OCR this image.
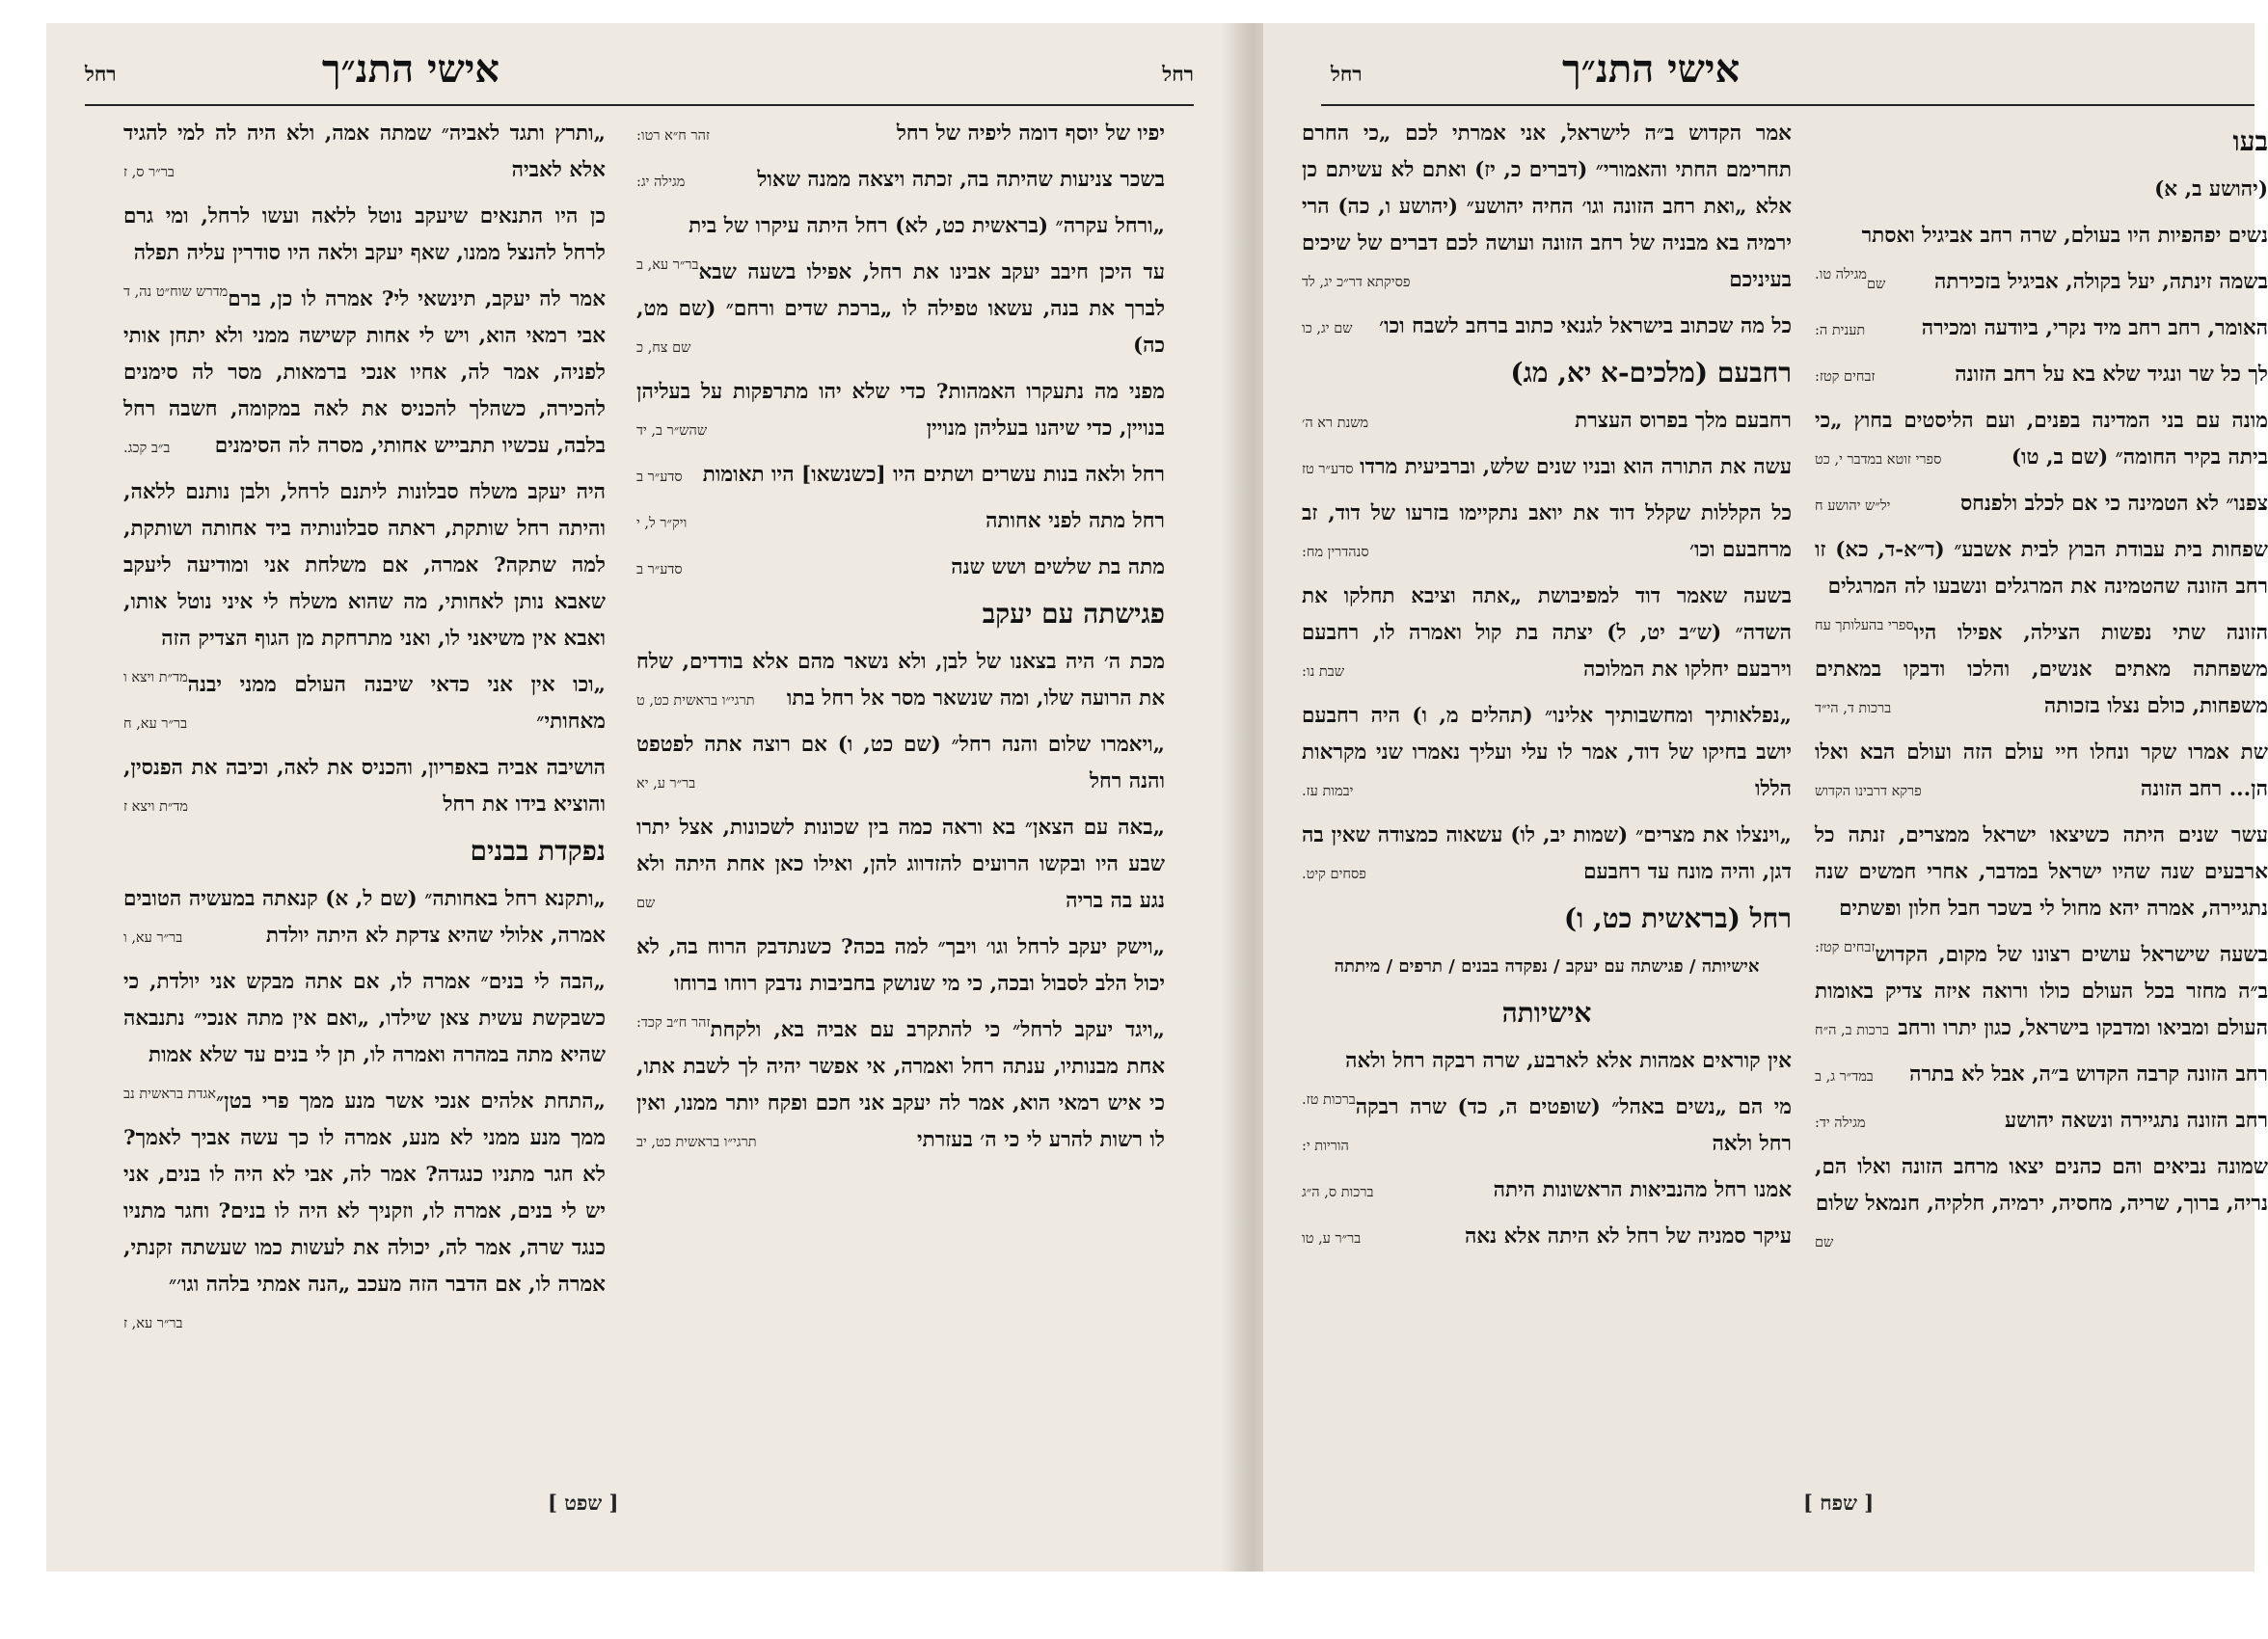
רחל
אישי התנ״ך
רחל

יפיו של יוסף דומה ליפיה של רחל
זהר ח״א רטו:

בשכר צניעות שהיתה בה, זכתה ויצאה ממנה שאול
מגילה יג:

„ורחל עקרה״ (בראשית כט, לא) רחל היתה עיקרו של בית
בר״ר עא, ב עד היכן חיבב יעקב אבינו את רחל, אפילו בשעה שבא לברך את בנה, עשאו טפילה לו „ברכת שדים ורחם״ (שם מט, כה)
שם צח, כ

מפני מה נתעקרו האמהות? כדי שלא יהו מתרפקות על בעליהן בנויין, כדי שיהנו בעליהן מנויין
שהש״ר ב, יד

רחל ולאה בנות עשרים ושתים היו [כשנשאו] היו תאומות
סדע״ר ב

רחל מתה לפני אחותה
ויק״ר ל, י

מתה בת שלשים ושש שנה
סדע״ר ב

פגישתה עם יעקב

מכת ה׳ היה בצאנו של לבן, ולא נשאר מהם אלא בודדים, שלח את הרועה שלו, ומה שנשאר מסר אל רחל בתו
תרגי״ו בראשית כט, ט

„ויאמרו שלום והנה רחל״ (שם כט, ו) אם רוצה אתה לפטפט והנה רחל
בר״ר ע, יא

„באה עם הצאן״ בא וראה כמה בין שכונות לשכונות, אצל יתרו שבע היו ובקשו הרועים להזדווג להן, ואילו כאן אחת היתה ולא נגע בה בריה
שם

„וישק יעקב לרחל וגו׳ ויבך״ למה בכה? כשנתדבק הרוח בה, לא יכול הלב לסבול ובכה, כי מי שנושק בחביבות נדבק רוחו ברוחו
זהר ח״ב קכד: „ויגד יעקב לרחל״ כי להתקרב עם אביה בא, ולקחת אחת מבנותיו, ענתה רחל ואמרה, אי אפשר יהיה לך לשבת אתו, כי איש רמאי הוא, אמר לה יעקב אני חכם ופקח יותר ממנו, ואין לו רשות להרע לי כי ה׳ בעזרתי
תרגי״ו בראשית כט, יב

„ותרץ ותגד לאביה״ שמתה אמה, ולא היה לה למי להגיד אלא לאביה
בר״ר ס, ז

כן היו התנאים שיעקב נוטל ללאה ועשו לרחל, ומי גרם לרחל להנצל ממנו, שאף יעקב ולאה היו סודרין עליה תפלה
מדרש שוח״ט נה, ד אמר לה יעקב, תינשאי לי? אמרה לו כן, ברם אבי רמאי הוא, ויש לי אחות קשישה ממני ולא יתחן אותי לפניה, אמר לה, אחיו אנכי ברמאות, מסר לה סימנים להכירה, כשהלך להכניס את לאה במקומה, חשבה רחל בלבה, עכשיו תתבייש אחותי, מסרה לה הסימנים
ב״ב קכג.

היה יעקב משלח סבלונות ליתנם לרחל, ולבן נותנם ללאה, והיתה רחל שותקת, ראתה סבלונותיה ביד אחותה ושותקת, למה שתקה? אמרה, אם משלחת אני ומודיעה ליעקב שאבא נותן לאחותי, מה שהוא משלח לי איני נוטל אותו, ואבא אין משיאני לו, ואני מתרחקת מן הגוף הצדיק הזה
מד״ת ויצא ו „וכו אין אני כדאי שיבנה העולם ממני יבנה מאחותי״
בר״ר עא, ח

הושיבה אביה באפריון, והכניס את לאה, וכיבה את הפנסין, והוציא בידו את רחל
מד״ת ויצא ז

נפקדת בבנים

„ותקנא רחל באחותה״ (שם ל, א) קנאתה במעשיה הטובים אמרה, אלולי שהיא צדקת לא היתה יולדת
בר״ר עא, ו

„הבה לי בנים״ אמרה לו, אם אתה מבקש אני יולדת, כי כשבקשת עשית צאן שילדו, „ואם אין מתה אנכי״ נתנבאה שהיא מתה במהרה ואמרה לו, תן לי בנים עד שלא אמות
אגדת בראשית נב „התחת אלהים אנכי אשר מנע ממך פרי בטן״ ממך מנע ממני לא מנע, אמרה לו כך עשה אביך לאמך? לא חגר מתניו כנגדה? אמר לה, אבי לא היה לו בנים, אני יש לי בנים, אמרה לו, וזקניך לא היה לו בנים? וחגר מתניו כנגד שרה, אמר לה, יכולה את לעשות כמו שעשתה זקנתי, אמרה לו, אם הדבר הזה מעכב „הנה אמתי בלהה וגו׳״
בר״ר עא, ז

[ שפט ]
אישי התנ״ך
רחל

אמר הקדוש ב״ה לישראל, אני אמרתי לכם „כי החרם תחרימם החתי והאמורי״ (דברים כ, יז) ואתם לא עשיתם כן אלא „ואת רחב הזונה וגו׳ החיה יהושע״ (יהושע ו, כה) הרי ירמיה בא מבניה של רחב הזונה ועושה לכם דברים של שיכים בעיניכם
פסיקתא דר״כ יג, לד

כל מה שכתוב בישראל לגנאי כתוב ברחב לשבח וכו׳
שם יג, כו

רחבעם (מלכים-א יא, מג)

רחבעם מלך בפרוס העצרת
משנת רא ה׳

עשה את התורה הוא ובניו שנים שלש, וברביעית מרדו
סדע״ר טז

כל הקללות שקלל דוד את יואב נתקיימו בזרעו של דוד, זב מרחבעם וכו׳
סנהדרין מח:

בשעה שאמר דוד למפיבושת „אתה וציבא תחלקו את השדה״ (ש״ב יט, ל) יצתה בת קול ואמרה לו, רחבעם וירבעם יחלקו את המלוכה
שבת נו:

„נפלאותיך ומחשבותיך אלינו״ (תהלים מ, ו) היה רחבעם יושב בחיקו של דוד, אמר לו עלי ועליך נאמרו שני מקראות הללו
יבמות עז.

„וינצלו את מצרים״ (שמות יב, לו) עשאוה כמצודה שאין בה דגן, והיה מונח עד רחבעם
פסחים קיט.

רחל (בראשית כט, ו)

אישיותה / פגישתה עם יעקב / נפקדה בבנים / תרפים / מיתתה

אישיותה

אין קוראים אמהות אלא לארבע, שרה רבקה רחל ולאה
ברכות טז. מי הם „נשים באהל״ (שופטים ה, כד) שרה רבקה רחל ולאה
הוריות י:

אמנו רחל מהנביאות הראשונות היתה
ברכות ס, ה״ג

עיקר סמניה של רחל לא היתה אלא נאה
בר״ר ע, טו

בעו

(יהושע ב, א)

נשים יפהפיות היו בעולם, שרה רחב אביגיל ואסתר
מגילה טו.	בשמה זינתה, יעל בקולה, אביגיל בזכירתה
שם

האומר, רחב רחב מיד נקרי, ביודעה ומכירה
תענית ה:

לך כל שר ונגיד שלא בא על רחב הזונה
זבחים קטז:

מונה עם בני המדינה בפנים, ועם הליסטים בחוץ „כי ביתה בקיר החומה״ (שם ב, טו)
ספרי זוטא במדבר י, כט

צפנו״ לא הטמינה כי אם לכלב ולפנחס
יל״ש יהושע ח

שפחות בית עבודת הבוץ לבית אשבע״ (ד״א-ד, כא) זו רחב הזונה שהטמינה את המרגלים ונשבעו לה המרגלים
ספרי בהעלותך עח הזונה שתי נפשות הצילה, אפילו היו משפחתה מאתים אנשים, והלכו ודבקו במאתים משפחות, כולם נצלו בזכותה
ברכות ד, הי״ד

שת אמרו שקר ונחלו חיי עולם הזה ועולם הבא ואלו הן... רחב הזונה
פרקא דרבינו הקדוש

עשר שנים היתה כשיצאו ישראל ממצרים, זנתה כל ארבעים שנה שהיו ישראל במדבר, אחרי חמשים שנה נתגיירה, אמרה יהא מחול לי בשכר חבל חלון ופשתים
זבחים קטז: בשעה שישראל עושים רצונו של מקום, הקדוש ב״ה מחזר בכל העולם כולו ורואה איזה צדיק באומות העולם ומביאו ומדבקו בישראל, כגון יתרו ורחב
ברכות ב, ה״ח

רחב הזונה קרבה הקדוש ב״ה, אבל לא בתרה
במד״ר ג, ב

רחב הזונה נתגיירה ונשאה יהושע
מגילה יד:

שמונה נביאים והם כהנים יצאו מרחב הזונה ואלו הם, נריה, ברוך, שריה, מחסיה, ירמיה, חלקיה, חנמאל שלום
שם

[ שפח ]
